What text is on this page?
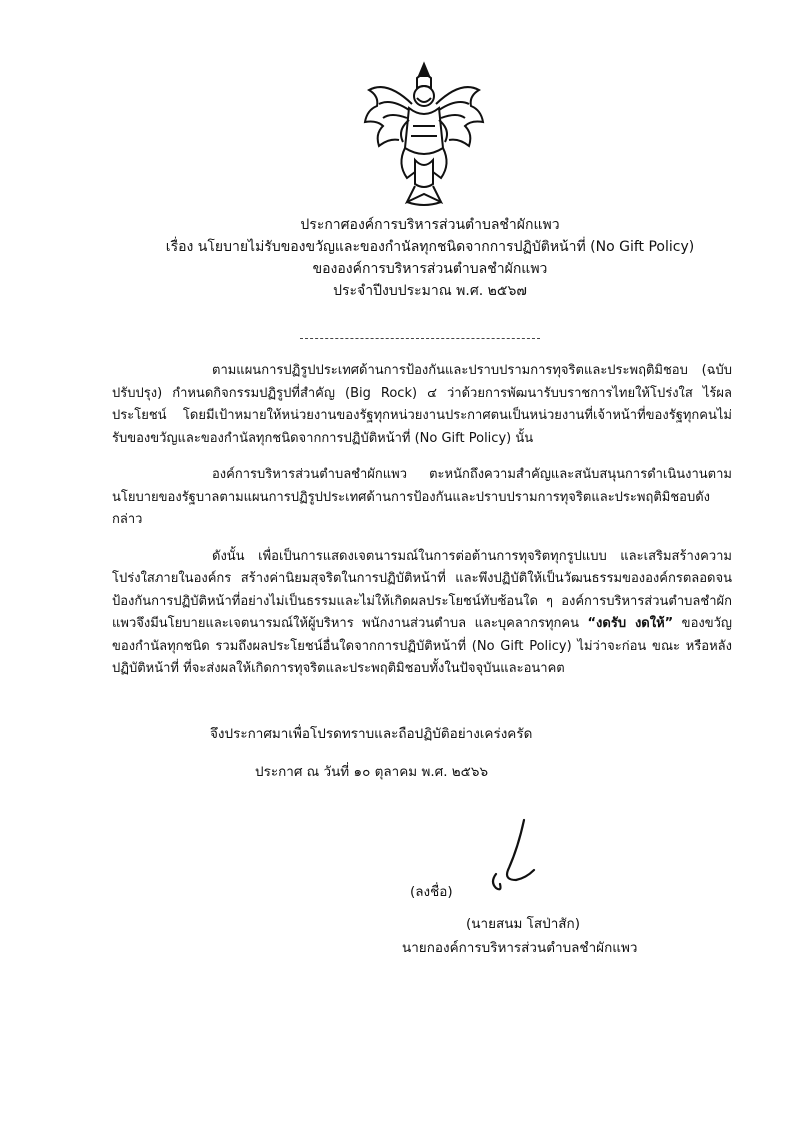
ประกาศองค์การบริหารส่วนตำบลชำผักแพว

เรื่อง นโยบายไม่รับของขวัญและของกำนัลทุกชนิดจากการปฏิบัติหน้าที่ (No Gift Policy)

ขององค์การบริหารส่วนตำบลชำผักแพว

ประจำปีงบประมาณ พ.ศ. ๒๕๖๗

ตามแผนการปฏิรูปประเทศด้านการป้องกันและปราบปรามการทุจริตและประพฤติมิชอบ (ฉบับปรับปรุง) กำหนดกิจกรรมปฏิรูปที่สำคัญ (Big Rock) ๔ ว่าด้วยการพัฒนารับบราชการไทยให้โปร่งใส ไร้ผลประโยชน์ โดยมีเป้าหมายให้หน่วยงานของรัฐทุกหน่วยงานประกาศตนเป็นหน่วยงานที่เจ้าหน้าที่ของรัฐทุกคนไม่รับของขวัญและของกำนัลทุกชนิดจากการปฏิบัติหน้าที่ (No Gift Policy) นั้น

องค์การบริหารส่วนตำบลชำผักแพว ตะหนักถึงความสำคัญและสนับสนุนการดำเนินงานตามนโยบายของรัฐบาลตามแผนการปฏิรูปประเทศด้านการป้องกันและปราบปรามการทุจริตและประพฤติมิชอบดังกล่าว

ดังนั้น เพื่อเป็นการแสดงเจตนารมณ์ในการต่อต้านการทุจริตทุกรูปแบบ และเสริมสร้างความโปร่งใสภายในองค์กร สร้างค่านิยมสุจริตในการปฏิบัติหน้าที่ และพึงปฏิบัติให้เป็นวัฒนธรรมขององค์กรตลอดจนป้องกันการปฏิบัติหน้าที่อย่างไม่เป็นธรรมและไม่ให้เกิดผลประโยชน์ทับซ้อนใด ๆ องค์การบริหารส่วนตำบลชำผักแพวจึงมีนโยบายและเจตนารมณ์ให้ผู้บริหาร พนักงานส่วนตำบล และบุคลากรทุกคน “งดรับ งดให้” ของขวัญ ของกำนัลทุกชนิด รวมถึงผลประโยชน์อื่นใดจากการปฏิบัติหน้าที่ (No Gift Policy) ไม่ว่าจะก่อน ขณะ หรือหลังปฏิบัติหน้าที่ ที่จะส่งผลให้เกิดการทุจริตและประพฤติมิชอบทั้งในปัจจุบันและอนาคต

จึงประกาศมาเพื่อโปรดทราบและถือปฏิบัติอย่างเคร่งครัด
ประกาศ ณ วันที่ ๑๐ ตุลาคม พ.ศ. ๒๕๖๖
(ลงชื่อ)
(นายสนม โสป่าสัก)
นายกองค์การบริหารส่วนตำบลชำผักแพว
